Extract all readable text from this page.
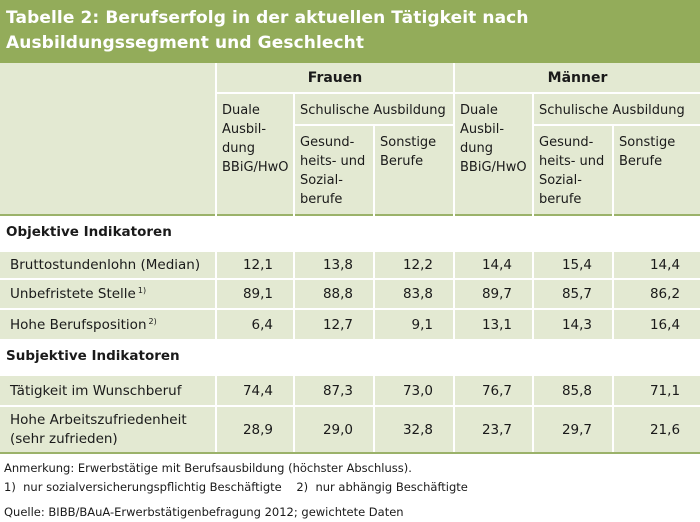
Tabelle 2: Berufserfolg in der aktuellen Tätigkeit nach Ausbildungssegment und Geschlecht
	Frauen			Männer		
	Duale Ausbil-dung BBiG/HwO	Schulische Ausbildung		Duale Ausbil-dung BBiG/HwO	Schulische Ausbildung	
		Gesund-heits- und Sozial-berufe	Sonstige Berufe		Gesund-heits- und Sozial-berufe	Sonstige Berufe
Objektive Indikatoren						

Bruttostundenlohn (Median)	12,1	13,8	12,2	14,4	15,4	14,4
Unbefristete Stelle $^{1)}$	89,1	88,8	83,8	89,7	85,7	86,2
Hohe Berufsposition $^{2)}$	6,4	12,7	9,1	13,1	14,3	16,4
Subjektive Indikatoren						

Tätigkeit im Wunschberuf	74,4	87,3	73,0	76,7	85,8	71,1
Hohe Arbeitszufriedenheit (sehr zufrieden)	28,9	29,0	32,8	23,7	29,7	21,6
Anmerkung: Erwerbstätige mit Berufsausbildung (höchster Abschluss).
1)  nur sozialversicherungspflichtig Beschäftigte    2)  nur abhängig Beschäftigte
Quelle: BIBB/BAuA-Erwerbstätigenbefragung 2012; gewichtete Daten
